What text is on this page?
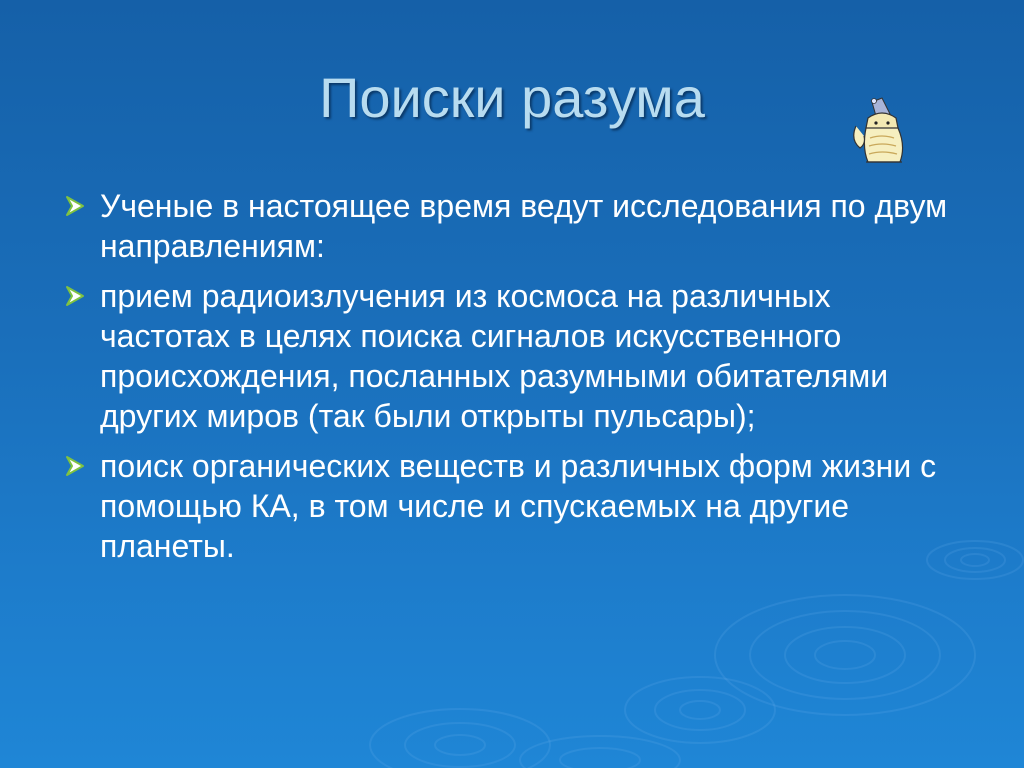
Поиски разума
Ученые в настоящее время ведут исследования по двум направлениям:
прием радиоизлучения из космоса на различных частотах в целях поиска сигналов искусственного происхождения, посланных разумными обитателями других миров (так были открыты пульсары);
поиск органических веществ и различных форм жизни с помощью КА, в том числе и спускаемых на другие планеты.
